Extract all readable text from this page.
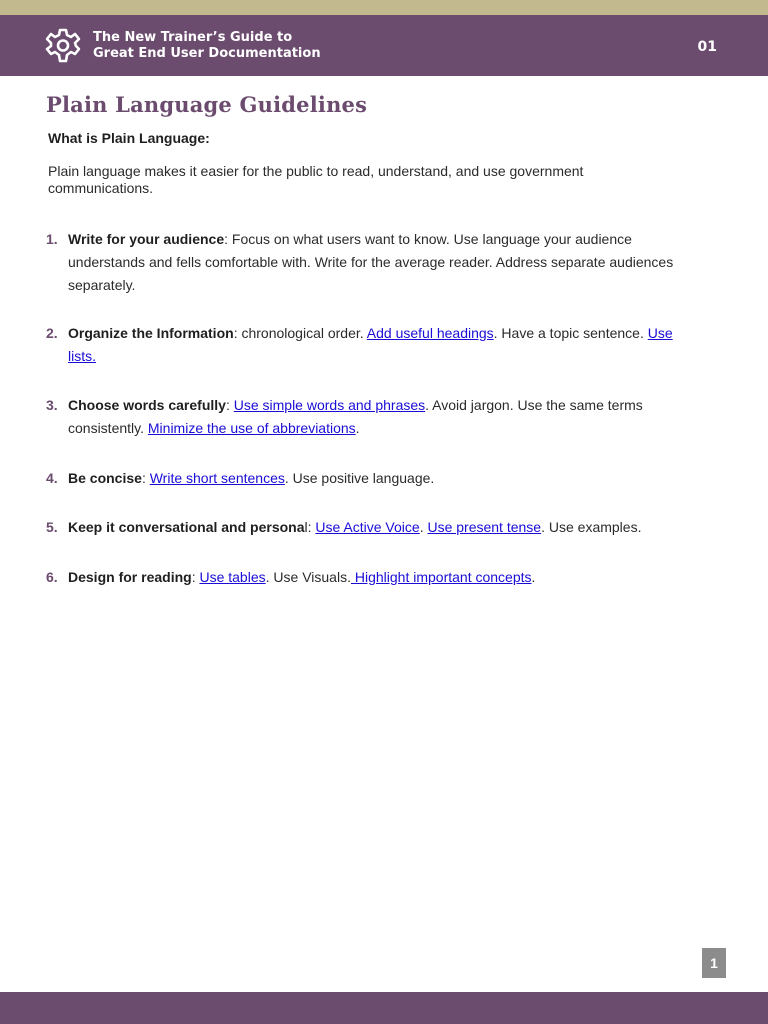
The New Trainer’s Guide to
Great End User Documentation	01
Plain Language Guidelines
What is Plain Language:
Plain language makes it easier for the public to read, understand, and use government communications.
1. Write for your audience: Focus on what users want to know. Use language your audience understands and fells comfortable with. Write for the average reader. Address separate audiences separately.
2. Organize the Information: chronological order. Add useful headings. Have a topic sentence. Use lists.
3. Choose words carefully: Use simple words and phrases. Avoid jargon. Use the same terms consistently. Minimize the use of abbreviations.
4. Be concise: Write short sentences. Use positive language.
5. Keep it conversational and personal: Use Active Voice. Use present tense. Use examples.
6. Design for reading: Use tables. Use Visuals. Highlight important concepts.
1
